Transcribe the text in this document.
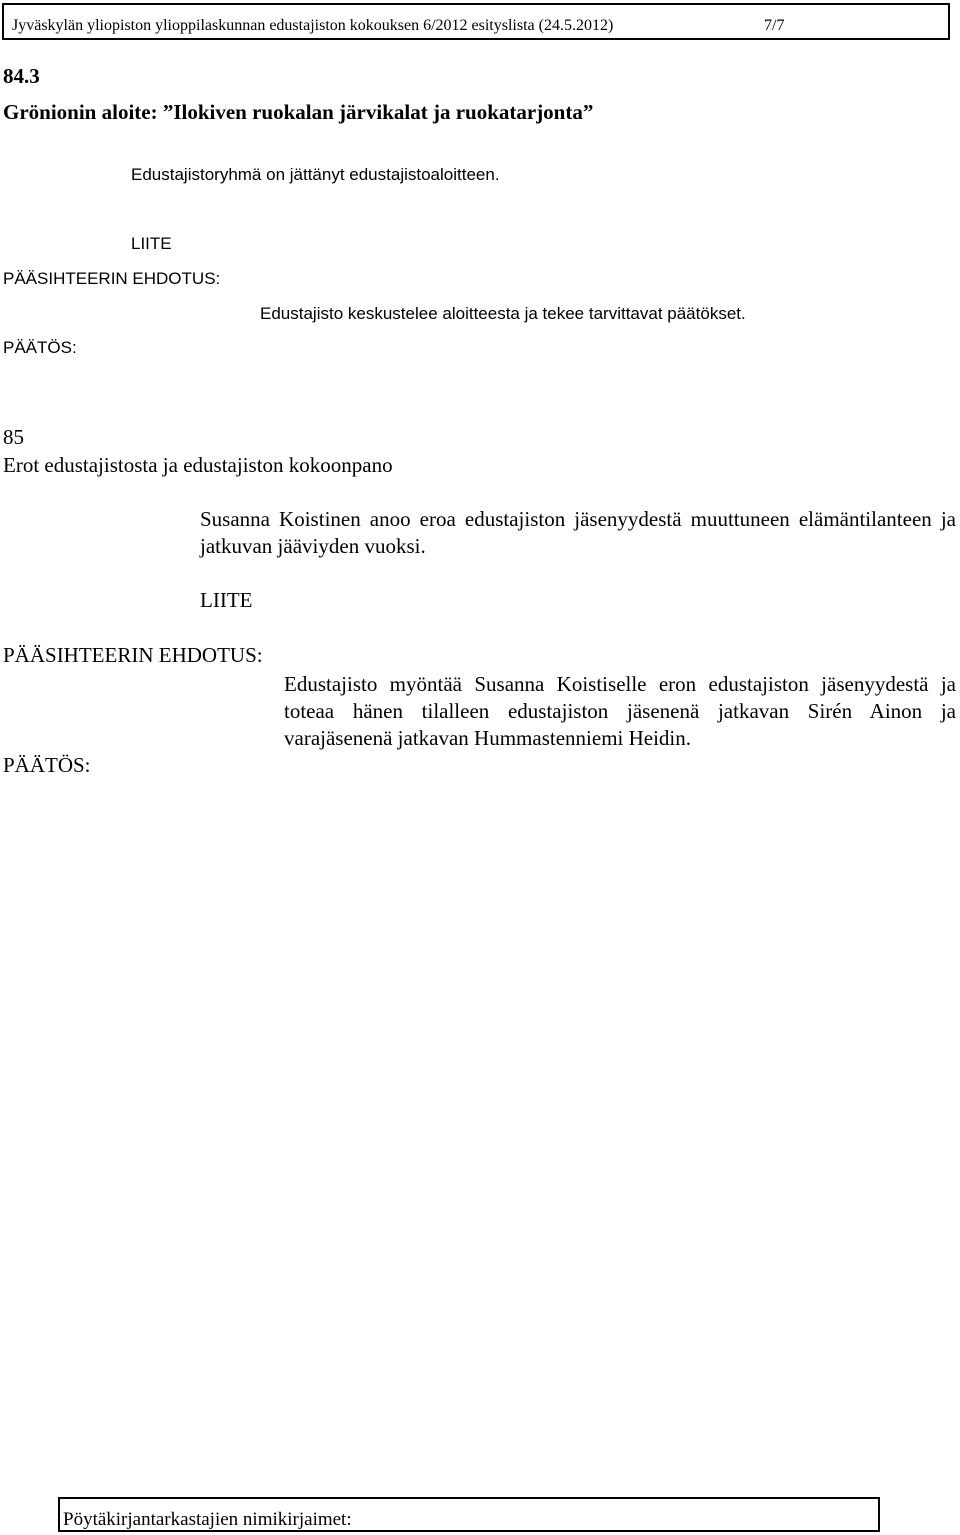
Jyväskylän yliopiston ylioppilaskunnan edustajiston kokouksen 6/2012 esityslista (24.5.2012)	7/7
84.3
Grönionin aloite: ”Ilokiven ruokalan järvikalat ja ruokatarjonta”
Edustajistoryhmä on jättänyt edustajistoaloitteen.
LIITE
PÄÄSIHTEERIN EHDOTUS:
Edustajisto keskustelee aloitteesta ja tekee tarvittavat päätökset.
PÄÄTÖS:
85
Erot edustajistosta ja edustajiston kokoonpano
Susanna Koistinen anoo eroa edustajiston jäsenyydestä muuttuneen elämäntilanteen ja jatkuvan jääviyden vuoksi.
LIITE
PÄÄSIHTEERIN EHDOTUS:
Edustajisto myöntää Susanna Koistiselle eron edustajiston jäsenyydestä ja toteaa hänen tilalleen edustajiston jäsenenä jatkavan Sirén Ainon ja varajäsenenä jatkavan Hummastenniemi Heidin.
PÄÄTÖS:
Pöytäkirjantarkastajien nimikirjaimet:
